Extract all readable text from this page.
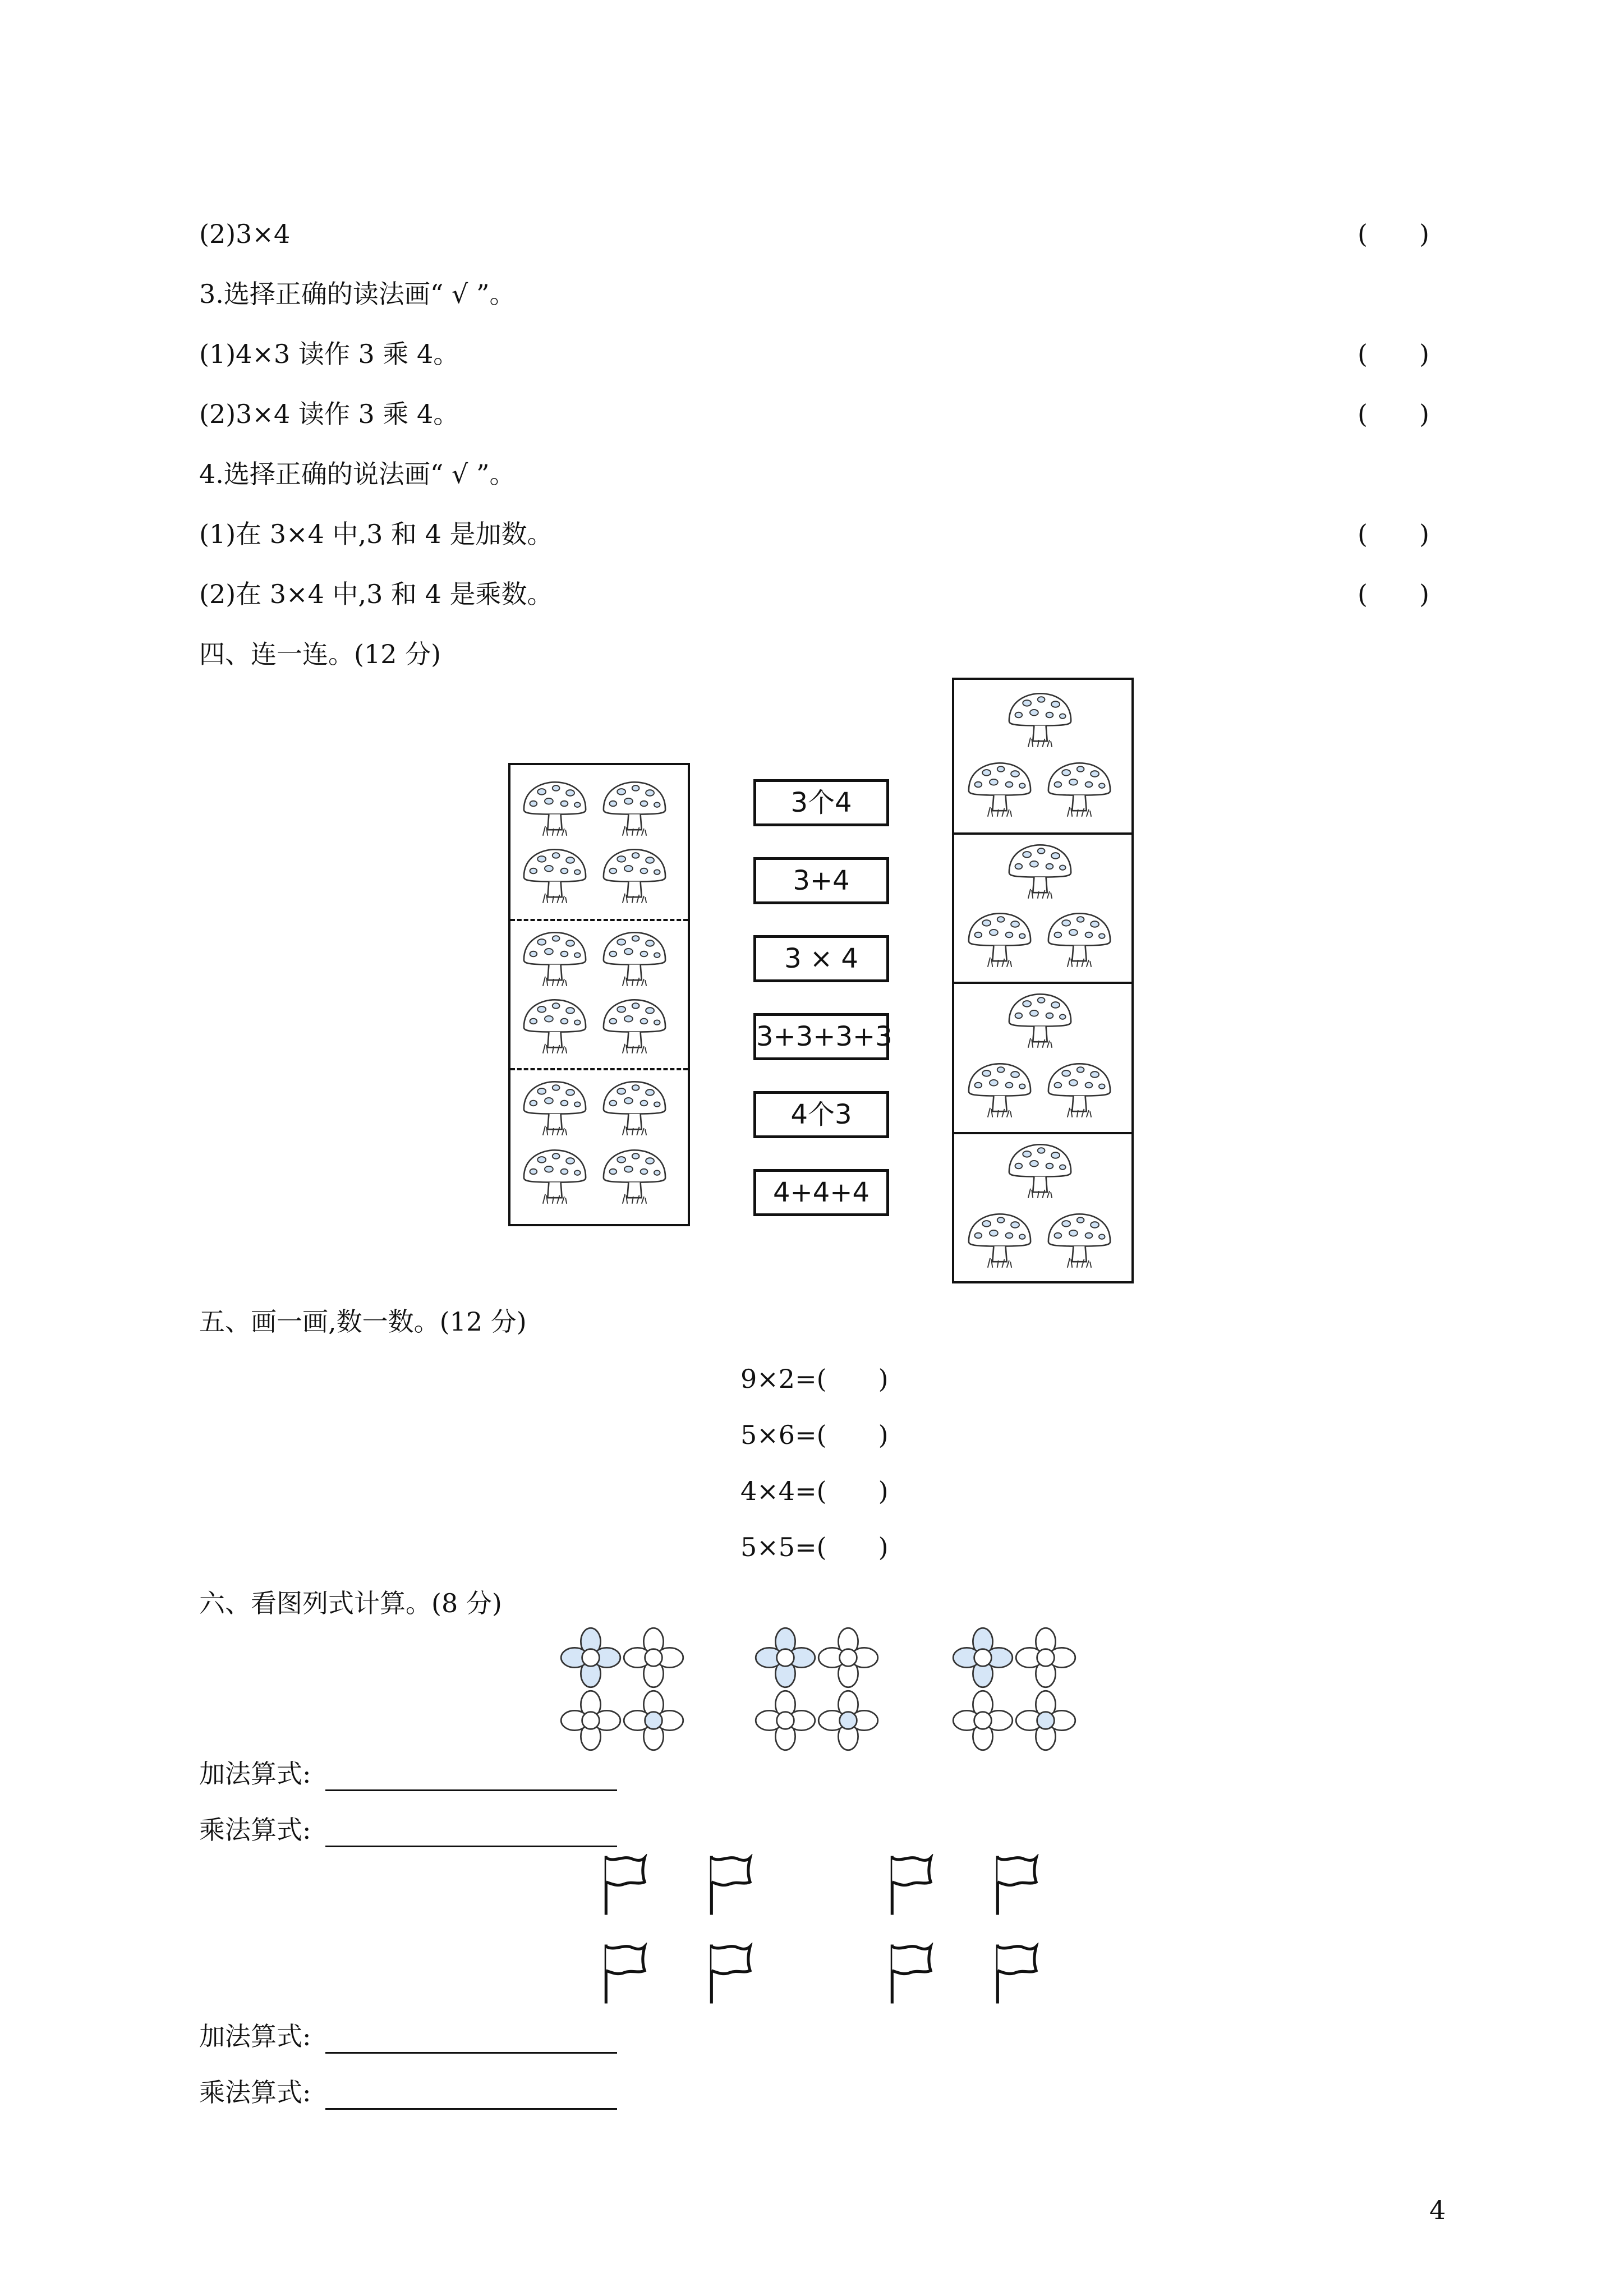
(2)3×4	(　　)
3.选择正确的读法画“ √ ”。
(1)4×3 读作 3 乘 4。	(　　)
(2)3×4 读作 3 乘 4。	(　　)
4.选择正确的说法画“ √ ”。
(1)在 3×4 中,3 和 4 是加数。	(　　)
(2)在 3×4 中,3 和 4 是乘数。	(　　)
四、连一连。(12 分)
3个4
3+4
3 × 4
3+3+3+3
4个3
4+4+4
五、画一画,数一数。(12 分)
9×2=(　　)
5×6=(　　)
4×4=(　　)
5×5=(　　)
六、看图列式计算。(8 分)
加法算式:
乘法算式:
加法算式:
乘法算式:
4
